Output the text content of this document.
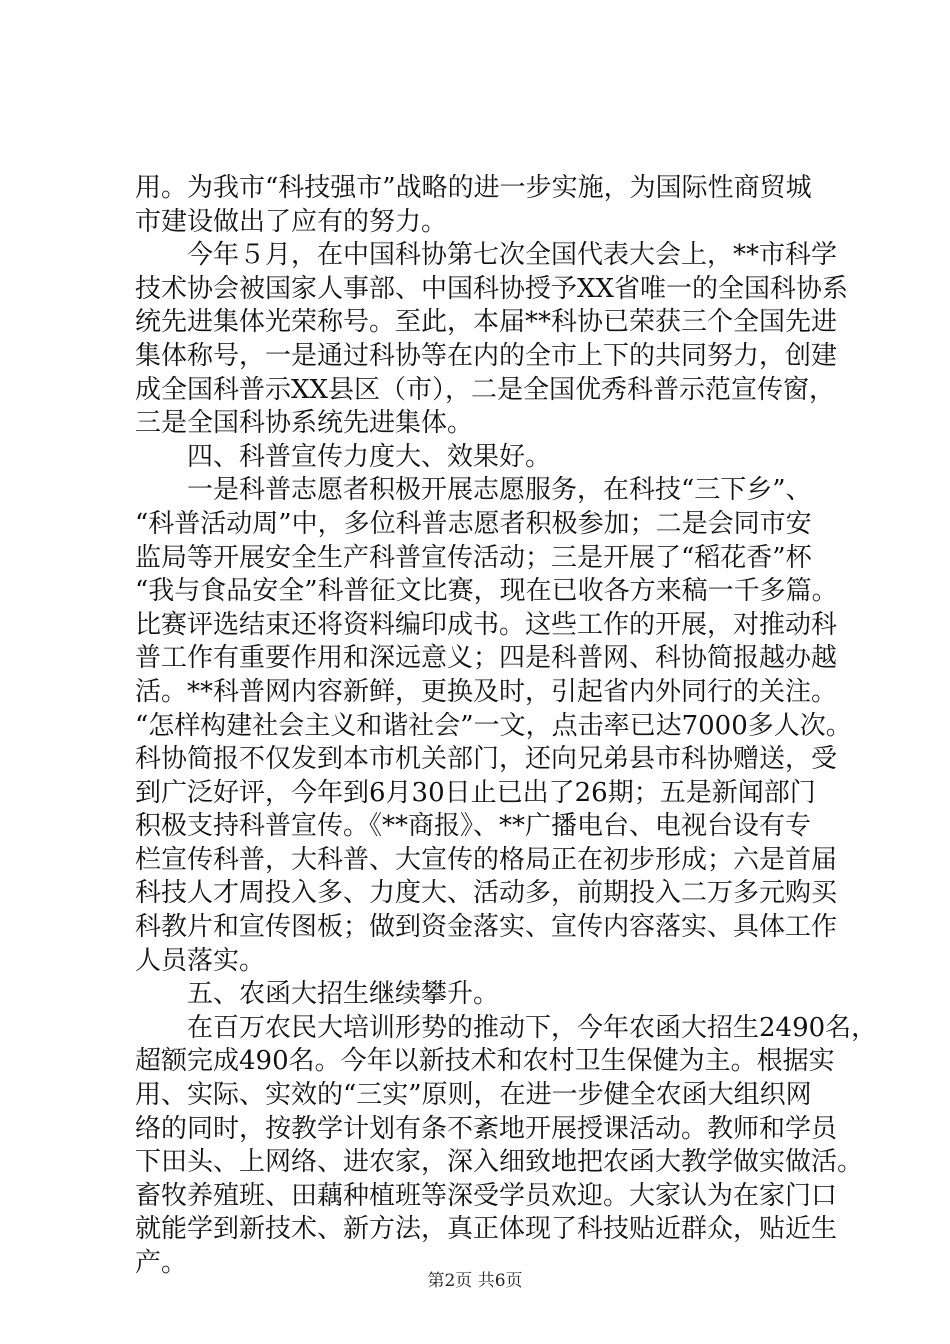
用。为我市“科技强市”战略的进一步实施，为国际性商贸城
市建设做出了应有的努力。
　　今年５月，在中国科协第七次全国代表大会上，**市科学
技术协会被国家人事部、中国科协授予XX省唯一的全国科协系
统先进集体光荣称号。至此，本届**科协已荣获三个全国先进
集体称号，一是通过科协等在内的全市上下的共同努力，创建
成全国科普示XX县区（市），二是全国优秀科普示范宣传窗，
三是全国科协系统先进集体。
　　四、科普宣传力度大、效果好。
　　一是科普志愿者积极开展志愿服务，在科技“三下乡”、
“科普活动周”中，多位科普志愿者积极参加；二是会同市安
监局等开展安全生产科普宣传活动；三是开展了“稻花香”杯
“我与食品安全”科普征文比赛，现在已收各方来稿一千多篇。
比赛评选结束还将资料编印成书。这些工作的开展，对推动科
普工作有重要作用和深远意义；四是科普网、科协简报越办越
活。**科普网内容新鲜，更换及时，引起省内外同行的关注。
“怎样构建社会主义和谐社会”一文，点击率已达7000多人次。
科协简报不仅发到本市机关部门，还向兄弟县市科协赠送，受
到广泛好评，今年到6月30日止已出了26期；五是新闻部门
积极支持科普宣传。《**商报》、**广播电台、电视台设有专
栏宣传科普，大科普、大宣传的格局正在初步形成；六是首届
科技人才周投入多、力度大、活动多，前期投入二万多元购买
科教片和宣传图板；做到资金落实、宣传内容落实、具体工作
人员落实。
　　五、农函大招生继续攀升。
　　在百万农民大培训形势的推动下，今年农函大招生2490名，
超额完成490名。今年以新技术和农村卫生保健为主。根据实
用、实际、实效的“三实”原则，在进一步健全农函大组织网
络的同时，按教学计划有条不紊地开展授课活动。教师和学员
下田头、上网络、进农家，深入细致地把农函大教学做实做活。
畜牧养殖班、田藕种植班等深受学员欢迎。大家认为在家门口
就能学到新技术、新方法，真正体现了科技贴近群众，贴近生
产。
第2页 共6页
